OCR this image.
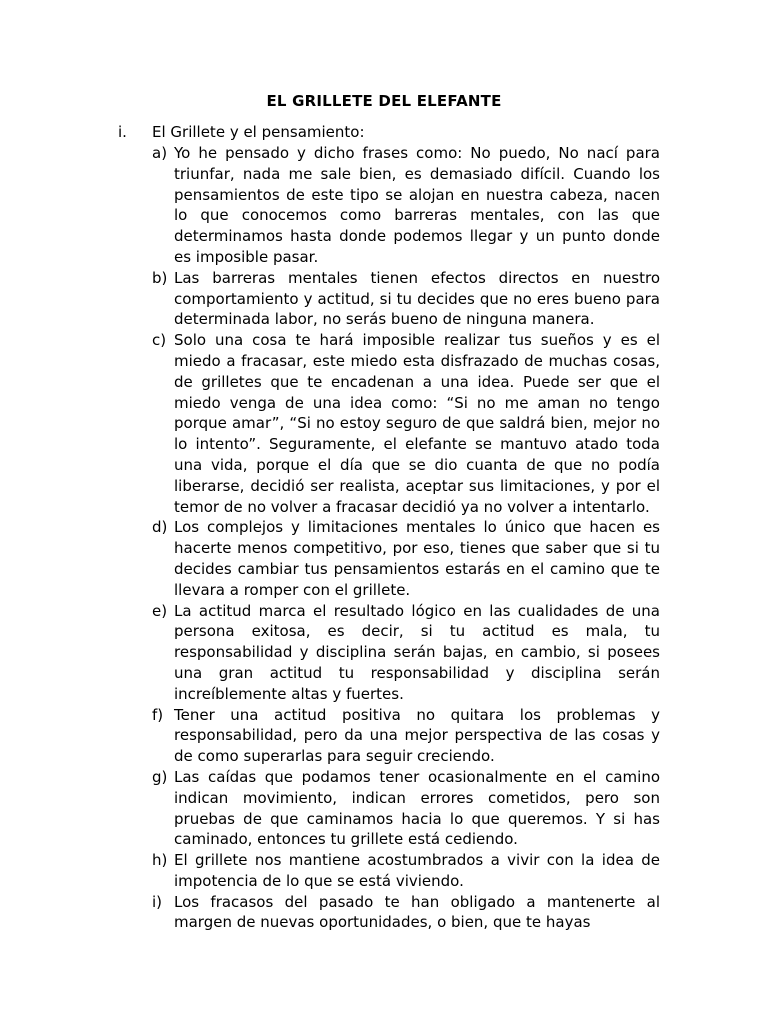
EL GRILLETE DEL ELEFANTE
i. El Grillete y el pensamiento:
a) Yo he pensado y dicho frases como: No puedo, No nací para triunfar, nada me sale bien, es demasiado difícil. Cuando los pensamientos de este tipo se alojan en nuestra cabeza, nacen lo que conocemos como barreras mentales, con las que determinamos hasta donde podemos llegar y un punto donde es imposible pasar.
b) Las barreras mentales tienen efectos directos en nuestro comportamiento y actitud, si tu decides que no eres bueno para determinada labor, no serás bueno de ninguna manera.
c) Solo una cosa te hará imposible realizar tus sueños y es el miedo a fracasar, este miedo esta disfrazado de muchas cosas, de grilletes que te encadenan a una idea. Puede ser que el miedo venga de una idea como: “Si no me aman no tengo porque amar”, “Si no estoy seguro de que saldrá bien, mejor no lo intento”. Seguramente, el elefante se mantuvo atado toda una vida, porque el día que se dio cuanta de que no podía liberarse, decidió ser realista, aceptar sus limitaciones, y por el temor de no volver a fracasar decidió ya no volver a intentarlo.
d) Los complejos y limitaciones mentales lo único que hacen es hacerte menos competitivo, por eso, tienes que saber que si tu decides cambiar tus pensamientos estarás en el camino que te llevara a romper con el grillete.
e) La actitud marca el resultado lógico en las cualidades de una persona exitosa, es decir, si tu actitud es mala, tu responsabilidad y disciplina serán bajas, en cambio, si posees una gran actitud tu responsabilidad y disciplina serán increíblemente altas y fuertes.
f) Tener una actitud positiva no quitara los problemas y responsabilidad, pero da una mejor perspectiva de las cosas y de como superarlas para seguir creciendo.
g) Las caídas que podamos tener ocasionalmente en el camino indican movimiento, indican errores cometidos, pero son pruebas de que caminamos hacia lo que queremos. Y si has caminado, entonces tu grillete está cediendo.
h) El grillete nos mantiene acostumbrados a vivir con la idea de impotencia de lo que se está viviendo.
i) Los fracasos del pasado te han obligado a mantenerte al margen de nuevas oportunidades, o bien, que te hayas
